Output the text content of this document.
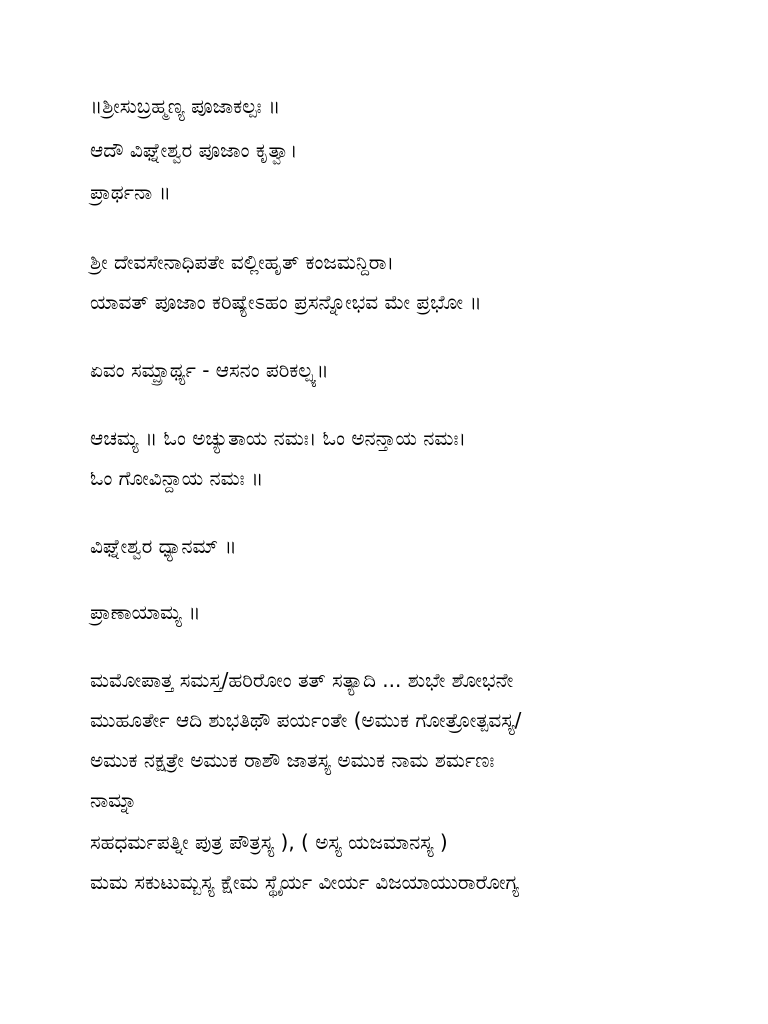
॥ಶ್ರೀಸುಬ್ರಹ್ಮಣ್ಯ ಪೂಜಾಕಲ್ಪಃ ॥
ಆದೌ ವಿಘ್ನೇಶ್ವರ ಪೂಜಾಂ ಕೃತ್ವಾ।
ಪ್ರಾರ್ಥನಾ ॥
ಶ್ರೀ ದೇವಸೇನಾಧಿಪತೇ ವಲ್ಲೀಹೃತ್ ಕಂಜಮನ್ದಿರಾ।
ಯಾವತ್ ಪೂಜಾಂ ಕರಿಷ್ಯೇಽಹಂ ಪ್ರಸನ್ನೋಭವ ಮೇ ಪ್ರಭೋ ॥
ಏವಂ ಸಮ್ಪ್ರಾರ್ಥ್ಯ - ಆಸನಂ ಪರಿಕಲ್ಪ್ಯ॥
ಆಚಮ್ಯ ॥ ಓಂ ಅಚ್ಯುತಾಯ ನಮಃ। ಓಂ ಅನನ್ತಾಯ ನಮಃ।
ಓಂ ಗೋವಿನ್ದಾಯ ನಮಃ ॥
ವಿಘ್ನೇಶ್ವರ ಧ್ಯಾನಮ್ ॥
ಪ್ರಾಣಾಯಾಮ್ಯ ॥
ಮಮೋಪಾತ್ತ ಸಮಸ್ತ/ಹರಿರೋಂ ತತ್ ಸತ್ಯಾದಿ ... ಶುಭೇ ಶೋಭನೇ
ಮುಹೂರ್ತೇ ಆದಿ ಶುಭತಿಥೌ ಪರ್ಯಂತೇ (ಅಮುಕ ಗೋತ್ರೋತ್ಪವಸ್ಯ/
ಅಮುಕ ನಕ್ಷತ್ರೇ ಅಮುಕ ರಾಶೌ ಜಾತಸ್ಯ ಅಮುಕ ನಾಮ ಶರ್ಮಣಃ
ನಾಮ್ನಾ
ಸಹಧರ್ಮಪತ್ನೀ ಪುತ್ರ ಪೌತ್ರಸ್ಯ ), ( ಅಸ್ಯ ಯಜಮಾನಸ್ಯ )
ಮಮ ಸಕುಟುಮ್ಬಸ್ಯ ಕ್ಷೇಮ ಸ್ಥೈರ್ಯ ವೀರ್ಯ ವಿಜಯಾಯುರಾರೋಗ್ಯ
